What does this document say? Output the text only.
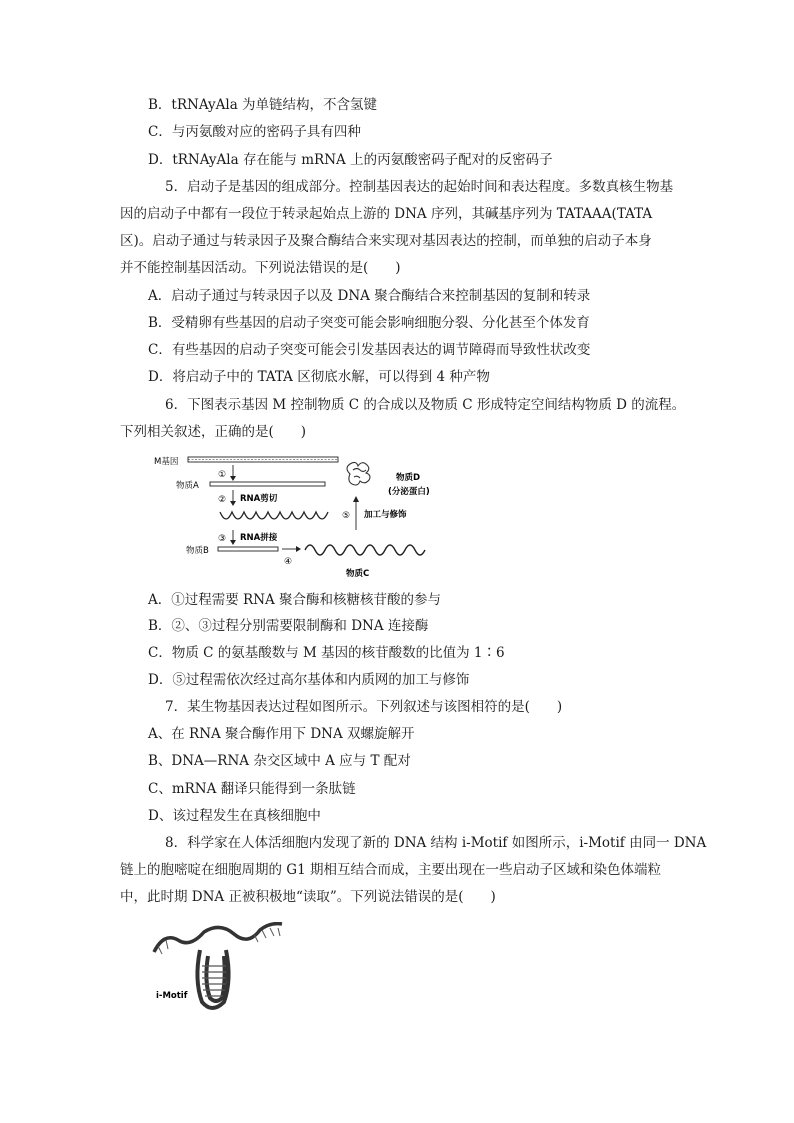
B．tRNAyAla 为单链结构，不含氢键
C．与丙氨酸对应的密码子具有四种
D．tRNAyAla 存在能与 mRNA 上的丙氨酸密码子配对的反密码子
5．启动子是基因的组成部分。控制基因表达的起始时间和表达程度。多数真核生物基
因的启动子中都有一段位于转录起始点上游的 DNA 序列，其碱基序列为 TATAAA(TATA
区)。启动子通过与转录因子及聚合酶结合来实现对基因表达的控制，而单独的启动子本身
并不能控制基因活动。下列说法错误的是(　　)
A．启动子通过与转录因子以及 DNA 聚合酶结合来控制基因的复制和转录
B．受精卵有些基因的启动子突变可能会影响细胞分裂、分化甚至个体发育
C．有些基因的启动子突变可能会引发基因表达的调节障碍而导致性状改变
D．将启动子中的 TATA 区彻底水解，可以得到 4 种产物
6．下图表示基因 M 控制物质 C 的合成以及物质 C 形成特定空间结构物质 D 的流程。
下列相关叙述，正确的是(　　)
M基因
①
物质A
② RNA剪切
③ RNA拼接
物质B
④
物质C
⑤ 加工与修饰
物质D
(分泌蛋白)
A．①过程需要 RNA 聚合酶和核糖核苷酸的参与
B．②、③过程分别需要限制酶和 DNA 连接酶
C．物质 C 的氨基酸数与 M 基因的核苷酸数的比值为 1∶6
D．⑤过程需依次经过高尔基体和内质网的加工与修饰
7．某生物基因表达过程如图所示。下列叙述与该图相符的是(　　)
A、在 RNA 聚合酶作用下 DNA 双螺旋解开
B、DNA—RNA 杂交区域中 A 应与 T 配对
C、mRNA 翻译只能得到一条肽链
D、该过程发生在真核细胞中
8．科学家在人体活细胞内发现了新的 DNA 结构 i-Motif 如图所示，i-Motif 由同一 DNA
链上的胞嘧啶在细胞周期的 G1 期相互结合而成，主要出现在一些启动子区域和染色体端粒
中，此时期 DNA 正被积极地“读取”。下列说法错误的是(　　)
i-Motif
